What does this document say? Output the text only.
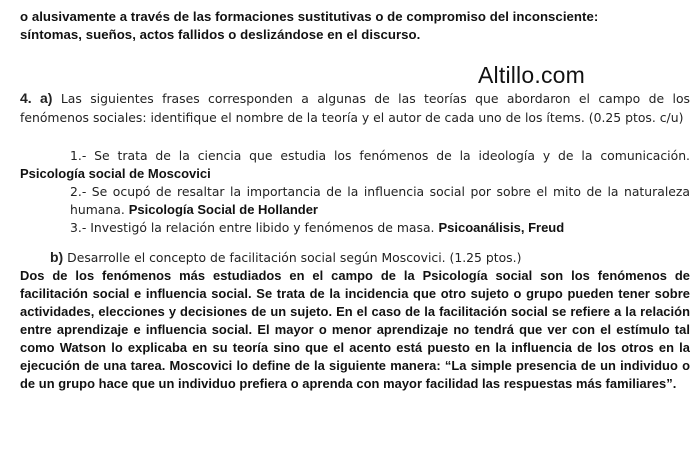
o alusivamente a través de las formaciones sustitutivas o de compromiso del inconsciente:

síntomas, sueños, actos fallidos o deslizándose en el discurso.

Altillo.com

4. a) Las siguientes frases corresponden a algunas de las teorías que abordaron el campo de los fenómenos sociales: identifique el nombre de la teoría y el autor de cada uno de los ítems. (0.25 ptos. c/u)

1.- Se trata de la ciencia que estudia los fenómenos de la ideología y de la comunicación. Psicología social de Moscovici

2.- Se ocupó de resaltar la importancia de la influencia social por sobre el mito de la naturaleza humana. Psicología Social de Hollander

3.- Investigó la relación entre libido y fenómenos de masa. Psicoanálisis, Freud

b) Desarrolle el concepto de facilitación social según Moscovici. (1.25 ptos.)

Dos de los fenómenos más estudiados en el campo de la Psicología social son los fenómenos de facilitación social e influencia social. Se trata de la incidencia que otro sujeto o grupo pueden tener sobre actividades, elecciones y decisiones de un sujeto. En el caso de la facilitación social se refiere a la relación entre aprendizaje e influencia social. El mayor o menor aprendizaje no tendrá que ver con el estímulo tal como Watson lo explicaba en su teoría sino que el acento está puesto en la influencia de los otros en la ejecución de una tarea. Moscovici lo define de la siguiente manera: “La simple presencia de un individuo o de un grupo hace que un individuo prefiera o aprenda con mayor facilidad las respuestas más familiares”.
